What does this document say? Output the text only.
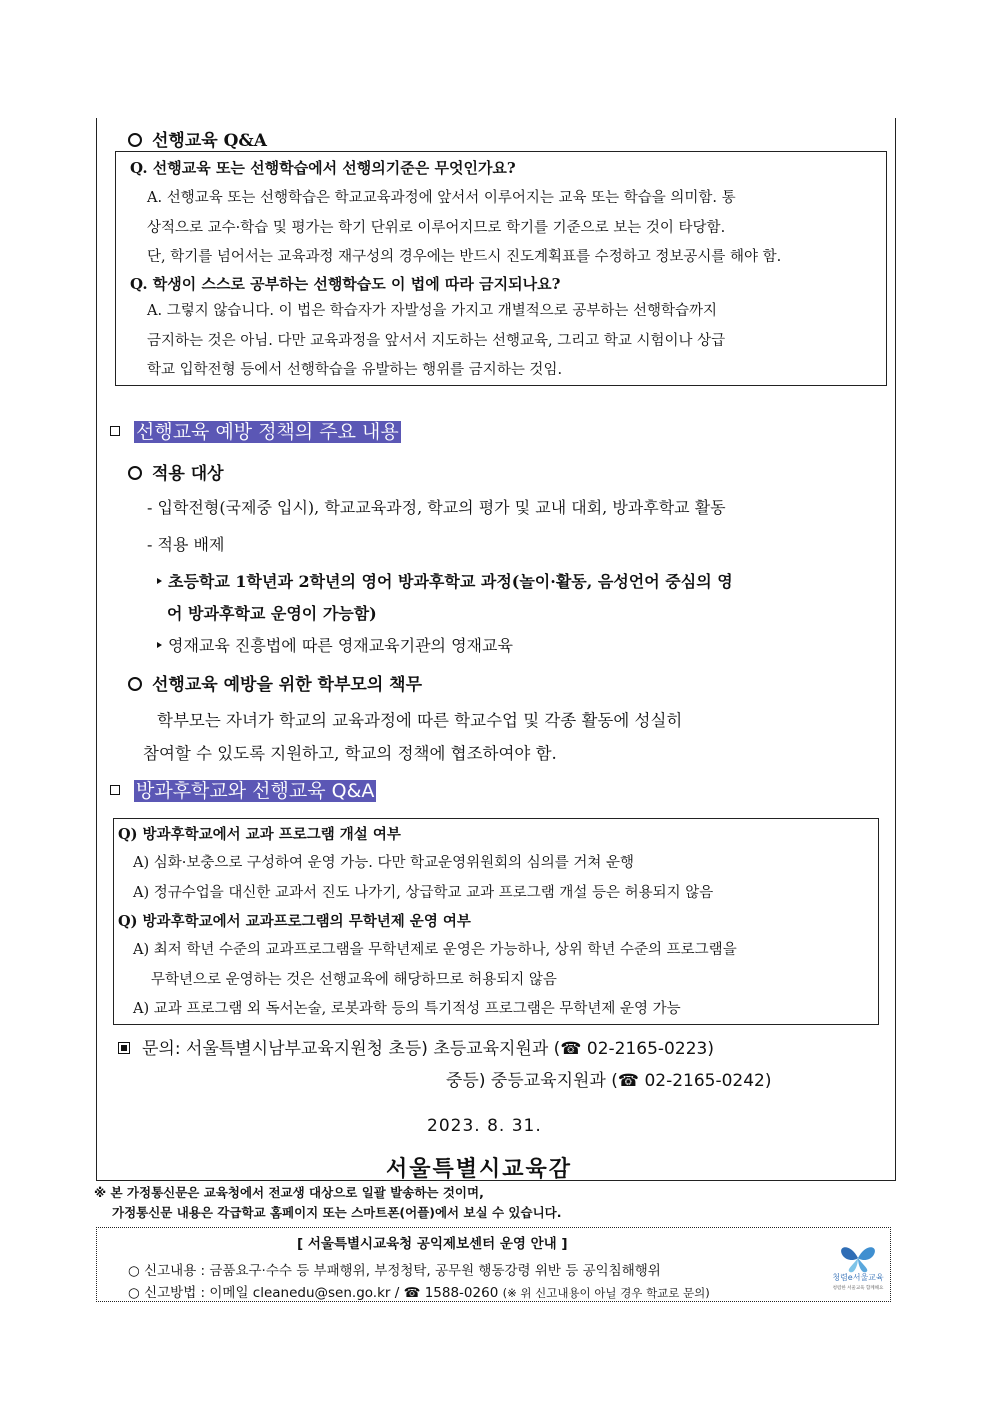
선행교육 Q&A
Q. 선행교육 또는 선행학습에서 선행의기준은 무엇인가요?
A. 선행교육 또는 선행학습은 학교교육과정에 앞서서 이루어지는 교육 또는 학습을 의미함. 통
상적으로 교수·학습 및 평가는 학기 단위로 이루어지므로 학기를 기준으로 보는 것이 타당함.
단, 학기를 넘어서는 교육과정 재구성의 경우에는 반드시 진도계획표를 수정하고 정보공시를 해야 함.
Q. 학생이 스스로 공부하는 선행학습도 이 법에 따라 금지되나요?
A. 그렇지 않습니다. 이 법은 학습자가 자발성을 가지고 개별적으로 공부하는 선행학습까지
금지하는 것은 아님. 다만 교육과정을 앞서서 지도하는 선행교육, 그리고 학교 시험이나 상급
학교 입학전형 등에서 선행학습을 유발하는 행위를 금지하는 것임.
선행교육 예방 정책의 주요 내용
적용 대상
- 입학전형(국제중 입시), 학교교육과정, 학교의 평가 및 교내 대회, 방과후학교 활동
- 적용 배제
초등학교 1학년과 2학년의 영어 방과후학교 과정(놀이·활동, 음성언어 중심의 영
어 방과후학교 운영이 가능함)
영재교육 진흥법에 따른 영재교육기관의 영재교육
선행교육 예방을 위한 학부모의 책무
학부모는 자녀가 학교의 교육과정에 따른 학교수업 및 각종 활동에 성실히
참여할 수 있도록 지원하고, 학교의 정책에 협조하여야 함.
방과후학교와 선행교육 Q&A
Q) 방과후학교에서 교과 프로그램 개설 여부
A) 심화·보충으로 구성하여 운영 가능. 다만 학교운영위원회의 심의를 거쳐 운행
A) 정규수업을 대신한 교과서 진도 나가기, 상급학교 교과 프로그램 개설 등은 허용되지 않음
Q) 방과후학교에서 교과프로그램의 무학년제 운영 여부
A) 최저 학년 수준의 교과프로그램을 무학년제로 운영은 가능하나, 상위 학년 수준의 프로그램을
무학년으로 운영하는 것은 선행교육에 해당하므로 허용되지 않음
A) 교과 프로그램 외 독서논술, 로봇과학 등의 특기적성 프로그램은 무학년제 운영 가능
문의: 서울특별시남부교육지원청 초등) 초등교육지원과 (☎ 02-2165-0223)
중등) 중등교육지원과 (☎ 02-2165-0242)
2023. 8. 31.
서울특별시교육감
※ 본 가정통신문은 교육청에서 전교생 대상으로 일괄 발송하는 것이며,
가정통신문 내용은 각급학교 홈페이지 또는 스마트폰(어플)에서 보실 수 있습니다.
[ 서울특별시교육청 공익제보센터 운영 안내 ]
○ 신고내용 : 금품요구·수수 등 부패행위, 부정청탁, 공무원 행동강령 위반 등 공익침해행위
○ 신고방법 : 이메일 cleanedu@sen.go.kr / ☎ 1588-0260 (※ 위 신고내용이 아닐 경우 학교로 문의)
청렴e서울교육
청렴한 서울교육 함께해요
